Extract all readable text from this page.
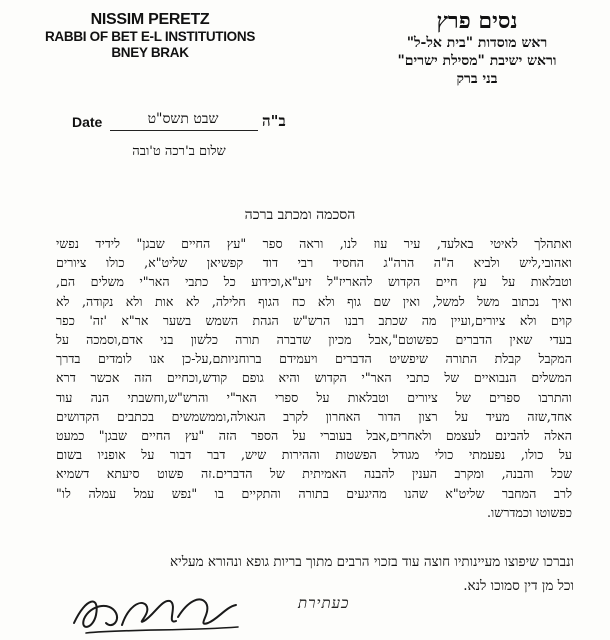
NISSIM PERETZ
RABBI OF BET E-L INSTITUTIONS
BNEY BRAK
נסים פרץ
ראש מוסדות "בית אל-ל"
וראש ישיבת "מסילת ישרים"
בני ברק
Date	שבט תשס"ט	ב"ה
שלום ב'רכה ט'ובה
הסכמה ומכתב ברכה
ואתהלך לאיטי באלעד, עיר עוז לנו, וראה ספר "עץ החיים שבגן" לידיד נפשי
ואהובי,ליש ולביא ה"ה הרה"ג החסיד רבי דוד קפשיאן שליט"א, כולו ציורים
וטבלאות על עץ חיים הקדוש להאריז"ל זיע"א,וכידוע כל כתבי האר"י משלים הם,
ואיך נכתוב משל למשל, ואין שם גוף ולא כח הגוף חלילה, לא אות ולא נקודה, לא
קוים ולא ציורים,ועיין מה שכתב רבנו הרש"ש הגהת השמש בשער אר"א 'זה' כפר
בעדי שאין הדברים כפשוטם",אבל מכיון שדברה תורה כלשון בני אדם,וסמכה על
המקבל קבלת התורה שיפשיט הדברים ויעמידם ברוחניותם,על-כן אנו לומדים בדרך
המשלים הנבואיים של כתבי האר"י הקדוש והיא גופם קודש,וכחיים הזה אכשר דרא
והתרבו ספרים של ציורים וטבלאות על ספרי האר"י והרש"ש,וחשבתי הנה עוד
אחד,שזה מעיד על רצון הדור האחרון לקרב הגאולה,וממשמשים בכתבים הקדושים
האלה להבינם לעצמם ולאחרים,אבל בעוברי על הספר הזה "עץ החיים שבגן" כמעט
על כולו, נפעמתי כולי מגודל הפשטות וההירות שיש, דבר דבור על אופניו בשום
שכל והבנה, ומקרב הענין להבנה האמיתית של הדברים.זה פשוט סיעתא דשמיא
לרב המחבר שליט"א שהנו מהיגעים בתורה והתקיים בו "נפש עמל עמלה לו"
כפשוטו וכמדרשו.
ונברכו שיפוצו מעיינותיו חוצה עוד בזכוי הרבים מתוך בריות גופא ונהורא מעליא
וכל מן דין סמוכו לנא.
כעתירת
